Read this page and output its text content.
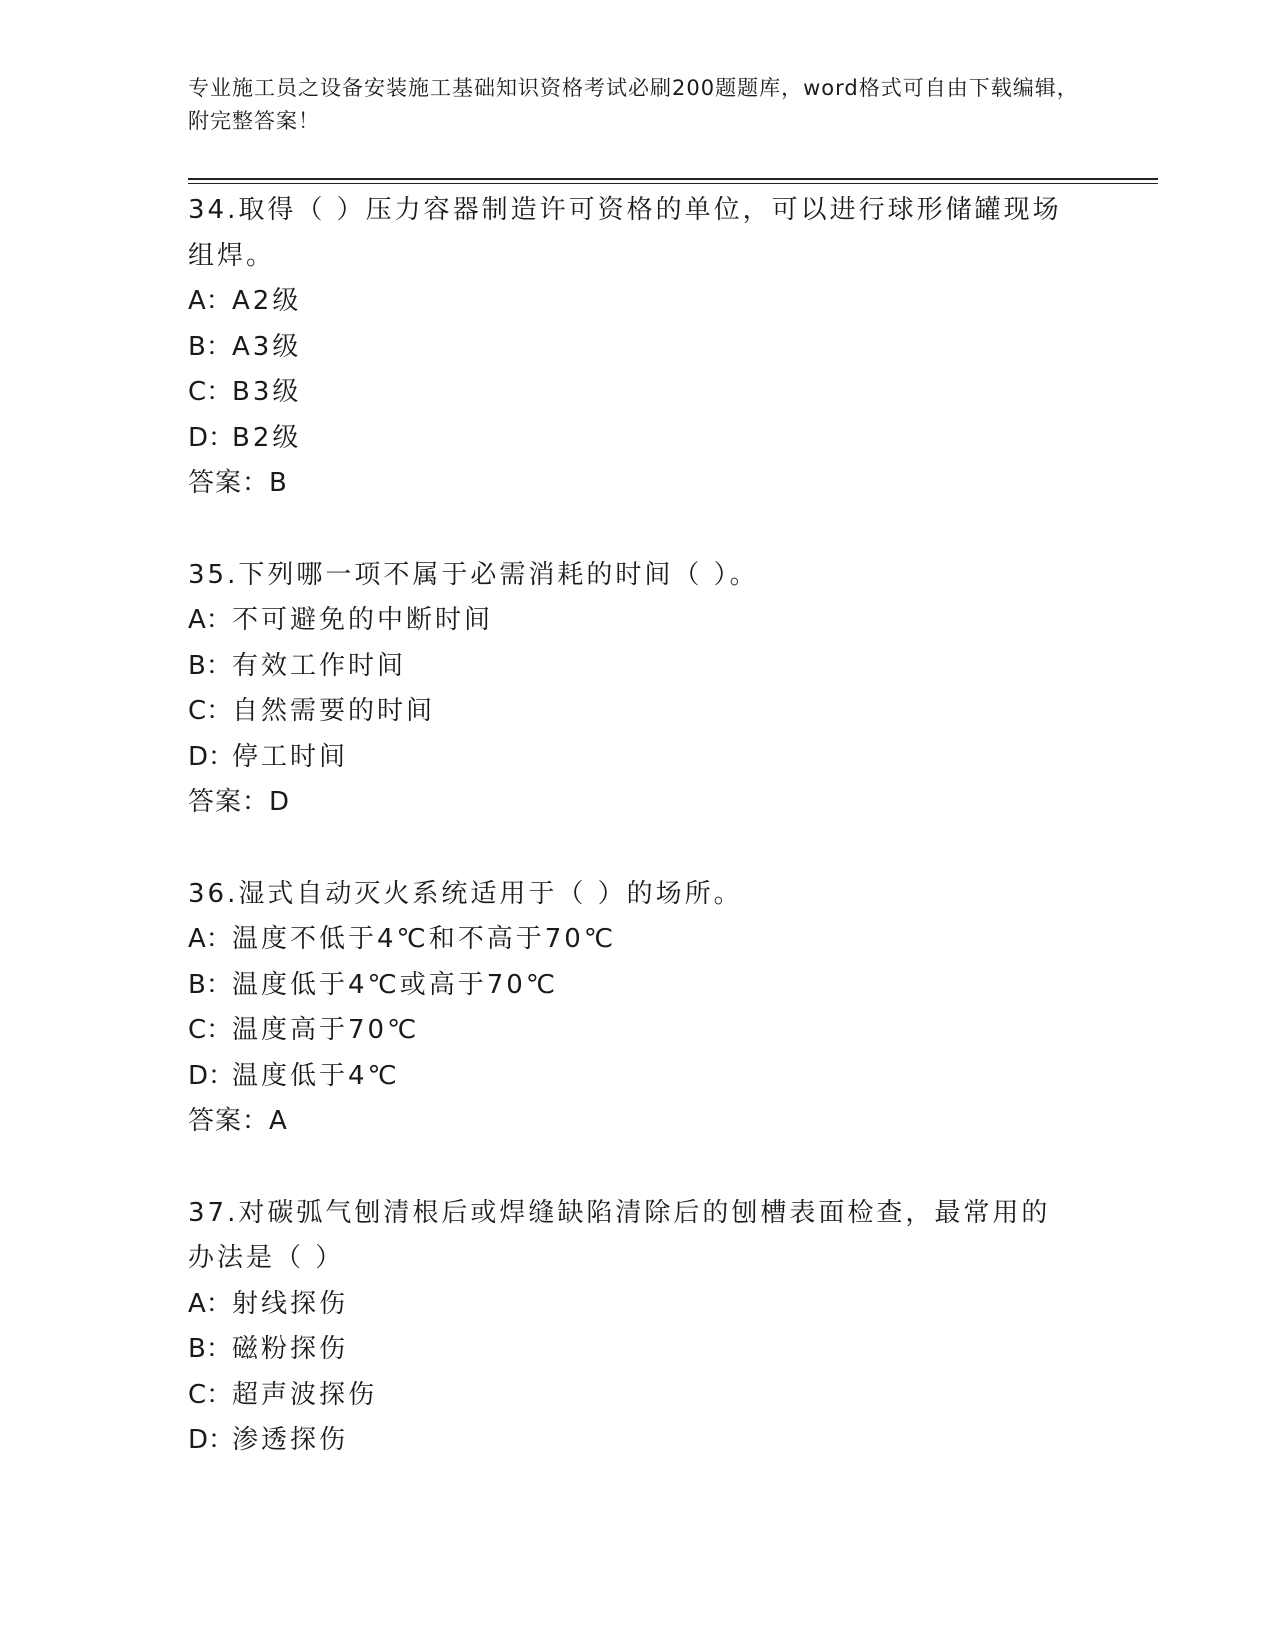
专业施工员之设备安装施工基础知识资格考试必刷200题题库，word格式可自由下载编辑，附完整答案！
34.取得（ ）压力容器制造许可资格的单位，可以进行球形储罐现场组焊。
A：A2级
B：A3级
C：B3级
D：B2级
答案：B
35.下列哪一项不属于必需消耗的时间（ ）。
A：不可避免的中断时间
B：有效工作时间
C：自然需要的时间
D：停工时间
答案：D
36.湿式自动灭火系统适用于（ ）的场所。
A：温度不低于4℃和不高于70℃
B：温度低于4℃或高于70℃
C：温度高于70℃
D：温度低于4℃
答案：A
37.对碳弧气刨清根后或焊缝缺陷清除后的刨槽表面检查，最常用的办法是（ ）
A：射线探伤
B：磁粉探伤
C：超声波探伤
D：渗透探伤
